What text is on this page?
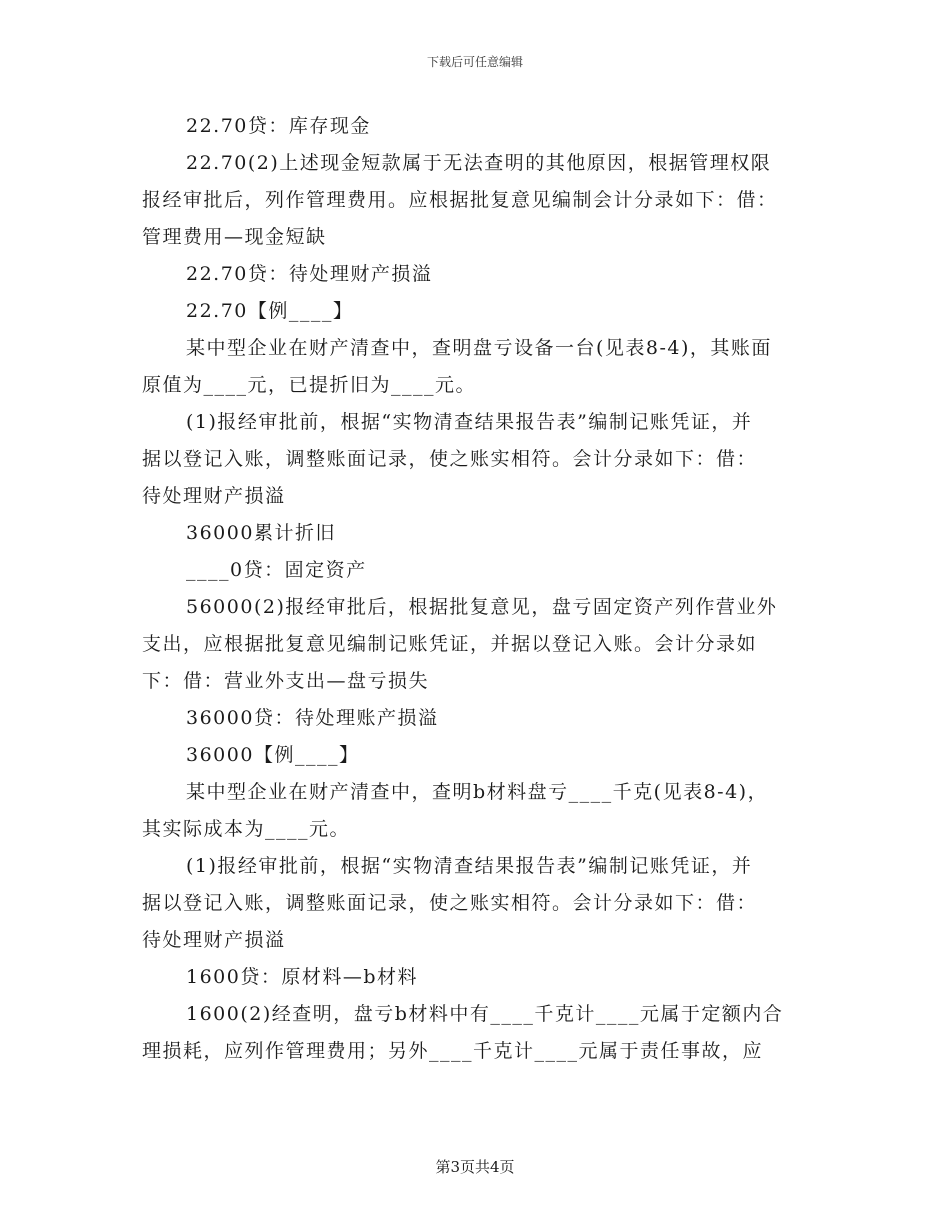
下载后可任意编辑

22.70贷：库存现金

22.70(2)上述现金短款属于无法查明的其他原因，根据管理权限

报经审批后，列作管理费用。应根据批复意见编制会计分录如下：借：

管理费用—现金短缺

22.70贷：待处理财产损溢

22.70【例____】

某中型企业在财产清查中，查明盘亏设备一台(见表8-4)，其账面

原值为____元，已提折旧为____元。

(1)报经审批前，根据“实物清查结果报告表”编制记账凭证，并

据以登记入账，调整账面记录，使之账实相符。会计分录如下：借：

待处理财产损溢

36000累计折旧

____0贷：固定资产

56000(2)报经审批后，根据批复意见，盘亏固定资产列作营业外

支出，应根据批复意见编制记账凭证，并据以登记入账。会计分录如

下：借：营业外支出—盘亏损失

36000贷：待处理账产损溢

36000【例____】

某中型企业在财产清查中，查明b材料盘亏____千克(见表8-4)，

其实际成本为____元。

(1)报经审批前，根据“实物清查结果报告表”编制记账凭证，并

据以登记入账，调整账面记录，使之账实相符。会计分录如下：借：

待处理财产损溢

1600贷：原材料—b材料

1600(2)经查明，盘亏b材料中有____千克计____元属于定额内合

理损耗，应列作管理费用；另外____千克计____元属于责任事故，应

第3页共4页
